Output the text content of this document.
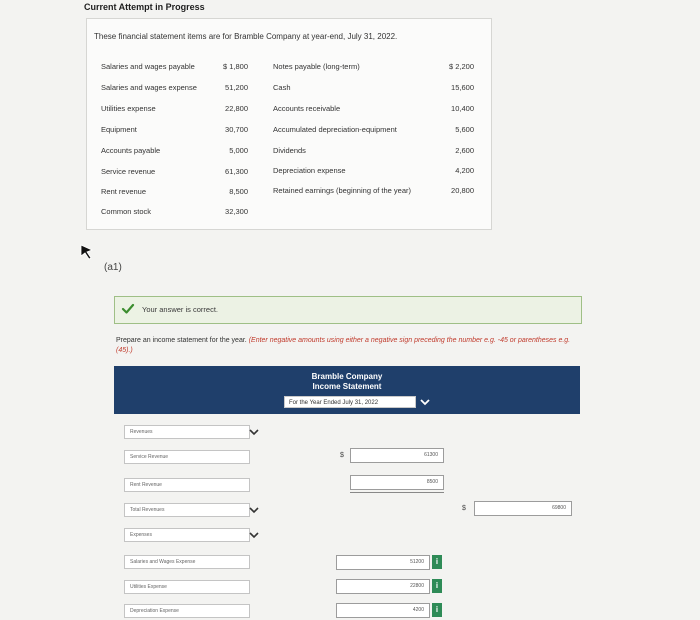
Current Attempt in Progress
These financial statement items are for Bramble Company at year-end, July 31, 2022.
Salaries and wages payable	$ 1,800
Salaries and wages expense	51,200
Utilities expense	22,800
Equipment	30,700
Accounts payable	5,000
Service revenue	61,300
Rent revenue	8,500
Common stock	32,300
Notes payable (long-term)	$ 2,200
Cash	15,600
Accounts receivable	10,400
Accumulated depreciation-equipment	5,600
Dividends	2,600
Depreciation expense	4,200
Retained earnings (beginning of the year)	20,800
(a1)
Your answer is correct.
Prepare an income statement for the year. (Enter negative amounts using either a negative sign preceding the number e.g. -45 or parentheses e.g. (45).)
Bramble Company
Income Statement
For the Year Ended July 31, 2022
Revenues
Service Revenue	$	61300
Rent Revenue	8500
Total Revenues	$	69800
Expenses
Salaries and Wages Expense	51200	i
Utilities Expense	22800	i
Depreciation Expense	4200	i
